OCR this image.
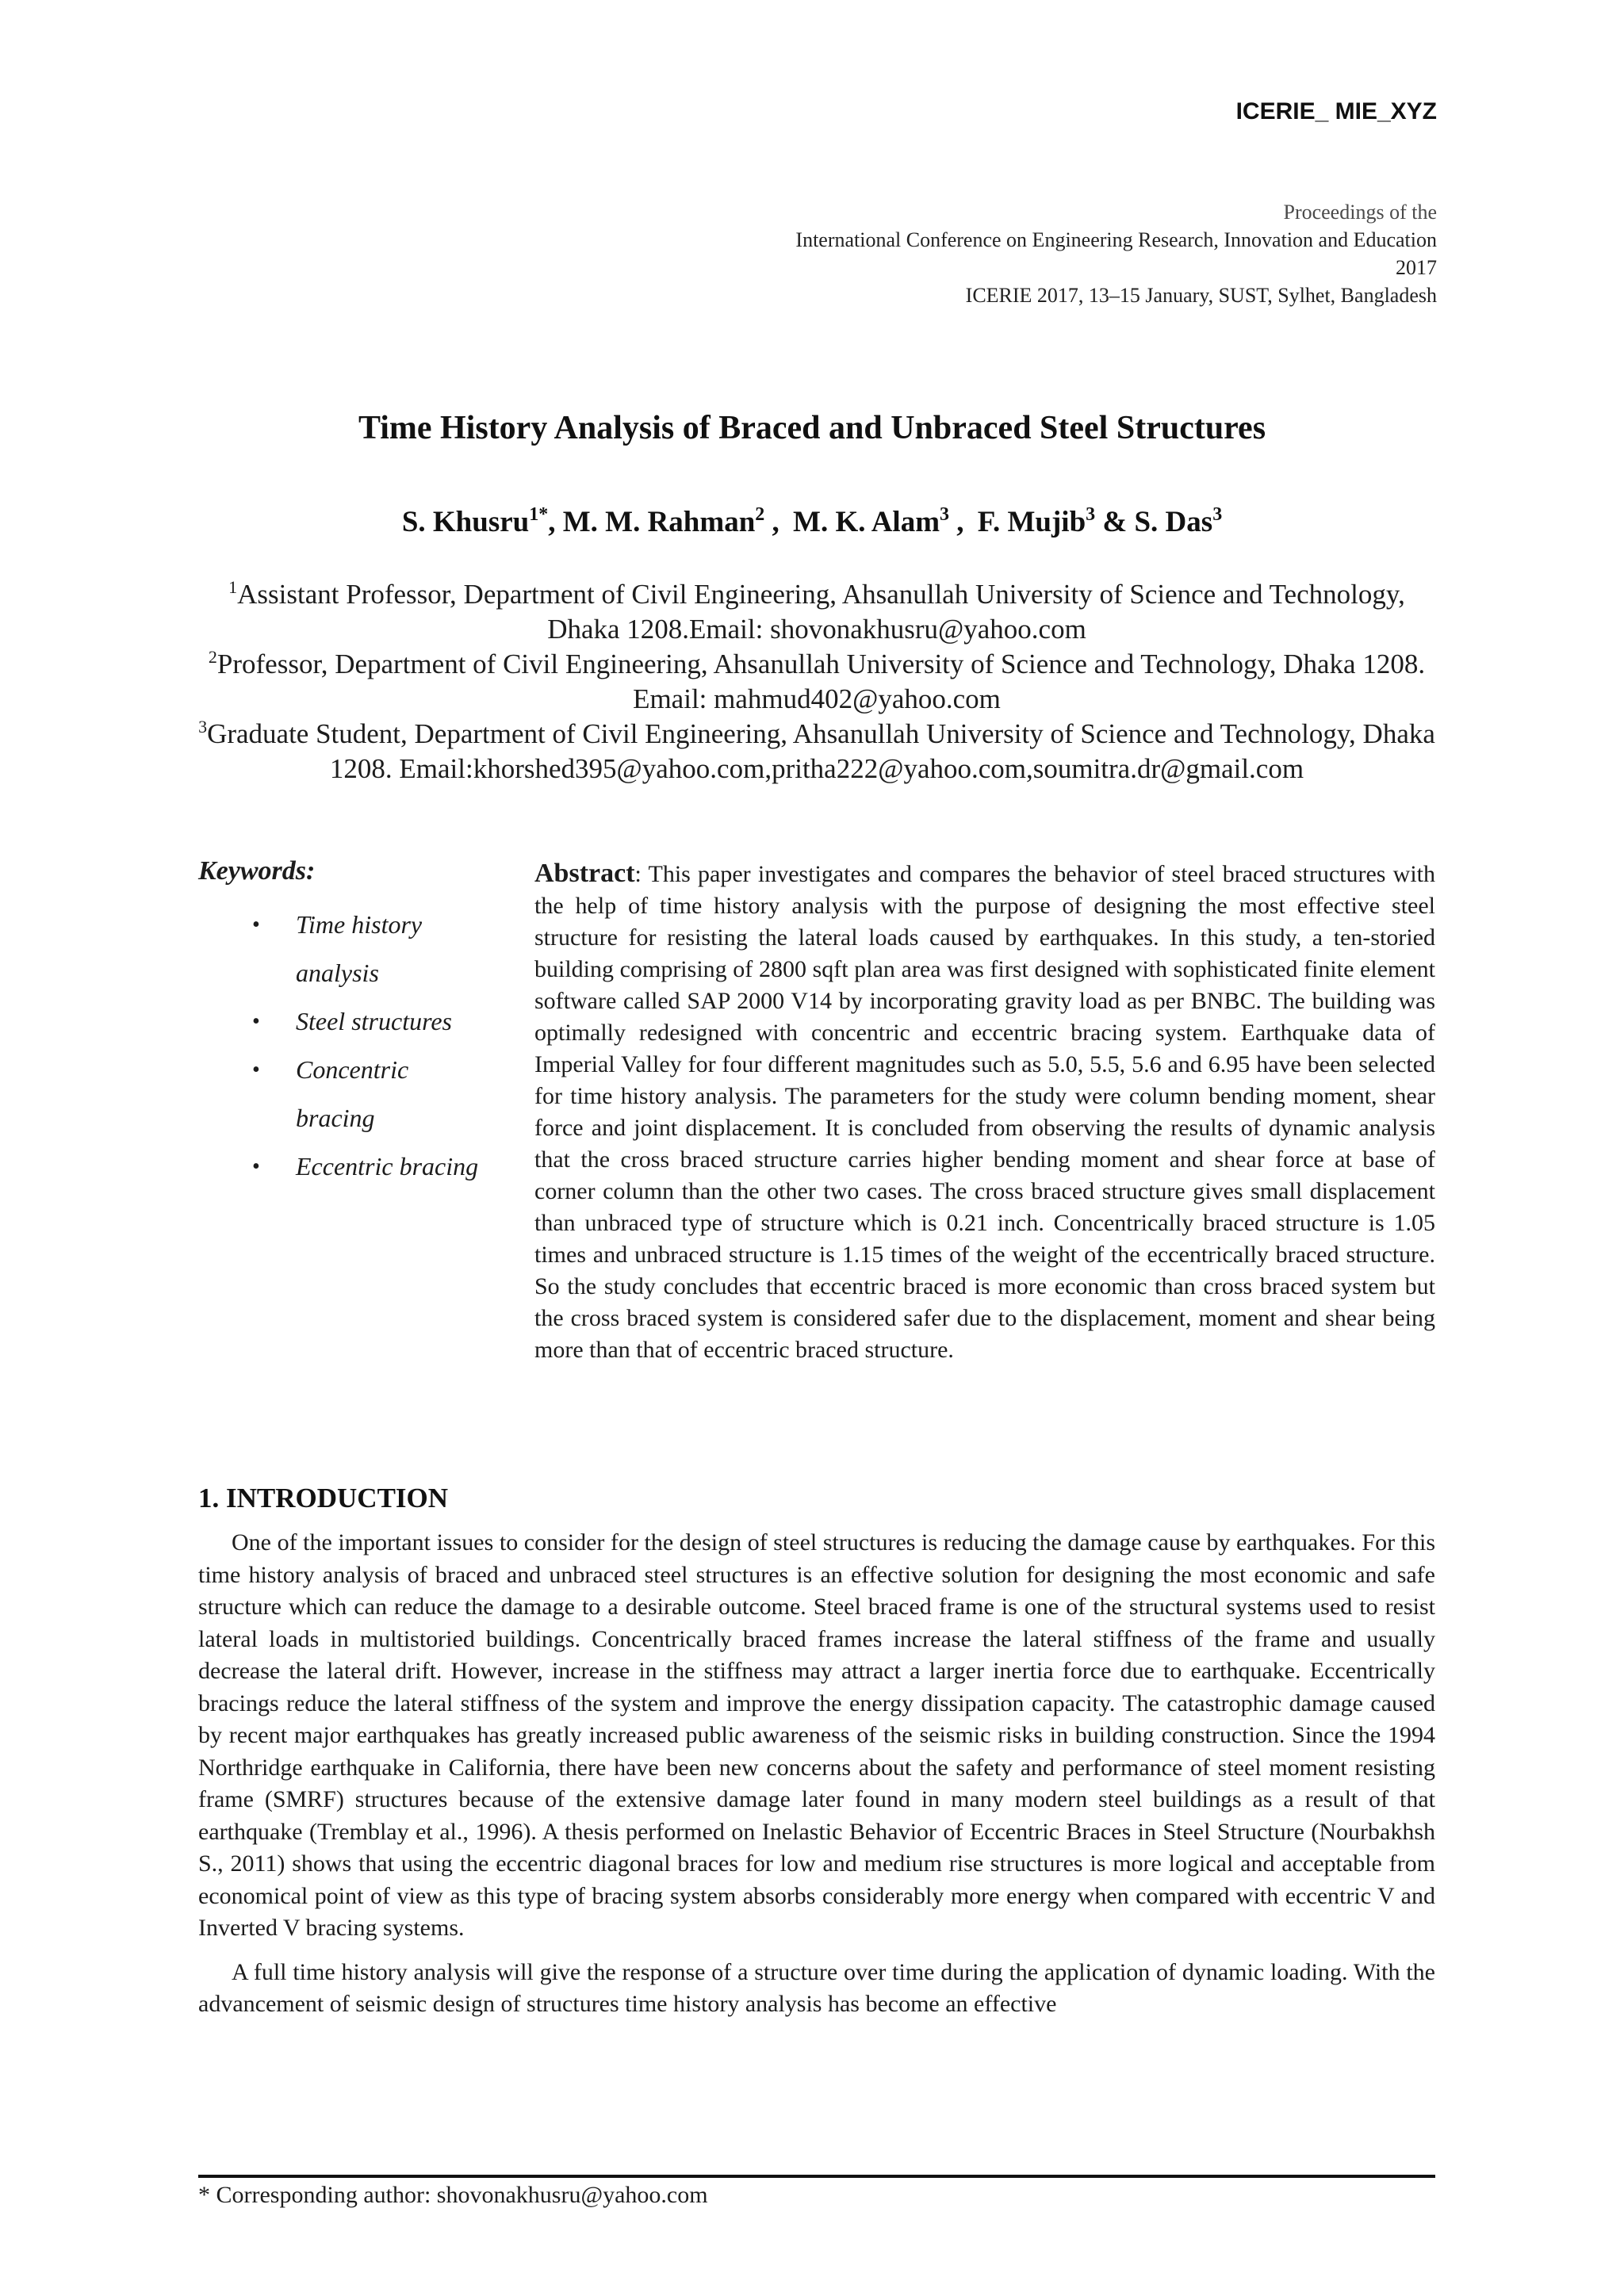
ICERIE_ MIE_XYZ
Proceedings of the
International Conference on Engineering Research, Innovation and Education
2017
ICERIE 2017, 13–15 January, SUST, Sylhet, Bangladesh
Time History Analysis of Braced and Unbraced Steel Structures
S. Khusru$^{1*}$, M. M. Rahman$^2$ , M. K. Alam$^3$ , F. Mujib$^3$ & S. Das$^3$
$^1$Assistant Professor, Department of Civil Engineering, Ahsanullah University of Science and Technology, Dhaka 1208.Email: shovonakhusru@yahoo.com
$^2$Professor, Department of Civil Engineering, Ahsanullah University of Science and Technology, Dhaka 1208. Email: mahmud402@yahoo.com
$^3$Graduate Student, Department of Civil Engineering, Ahsanullah University of Science and Technology, Dhaka 1208. Email:khorshed395@yahoo.com,pritha222@yahoo.com,soumitra.dr@gmail.com
Keywords:
• Time history analysis
• Steel structures
• Concentric bracing
• Eccentric bracing
Abstract: This paper investigates and compares the behavior of steel braced structures with the help of time history analysis with the purpose of designing the most effective steel structure for resisting the lateral loads caused by earthquakes. In this study, a ten-storied building comprising of 2800 sqft plan area was first designed with sophisticated finite element software called SAP 2000 V14 by incorporating gravity load as per BNBC. The building was optimally redesigned with concentric and eccentric bracing system. Earthquake data of Imperial Valley for four different magnitudes such as 5.0, 5.5, 5.6 and 6.95 have been selected for time history analysis. The parameters for the study were column bending moment, shear force and joint displacement. It is concluded from observing the results of dynamic analysis that the cross braced structure carries higher bending moment and shear force at base of corner column than the other two cases. The cross braced structure gives small displacement than unbraced type of structure which is 0.21 inch. Concentrically braced structure is 1.05 times and unbraced structure is 1.15 times of the weight of the eccentrically braced structure. So the study concludes that eccentric braced is more economic than cross braced system but the cross braced system is considered safer due to the displacement, moment and shear being more than that of eccentric braced structure.
1. INTRODUCTION

One of the important issues to consider for the design of steel structures is reducing the damage cause by earthquakes. For this time history analysis of braced and unbraced steel structures is an effective solution for designing the most economic and safe structure which can reduce the damage to a desirable outcome. Steel braced frame is one of the structural systems used to resist lateral loads in multistoried buildings. Concentrically braced frames increase the lateral stiffness of the frame and usually decrease the lateral drift. However, increase in the stiffness may attract a larger inertia force due to earthquake. Eccentrically bracings reduce the lateral stiffness of the system and improve the energy dissipation capacity. The catastrophic damage caused by recent major earthquakes has greatly increased public awareness of the seismic risks in building construction. Since the 1994 Northridge earthquake in California, there have been new concerns about the safety and performance of steel moment resisting frame (SMRF) structures because of the extensive damage later found in many modern steel buildings as a result of that earthquake (Tremblay et al., 1996). A thesis performed on Inelastic Behavior of Eccentric Braces in Steel Structure (Nourbakhsh S., 2011) shows that using the eccentric diagonal braces for low and medium rise structures is more logical and acceptable from economical point of view as this type of bracing system absorbs considerably more energy when compared with eccentric V and Inverted V bracing systems.

A full time history analysis will give the response of a structure over time during the application of dynamic loading. With the advancement of seismic design of structures time history analysis has become an effective

* Corresponding author: shovonakhusru@yahoo.com
